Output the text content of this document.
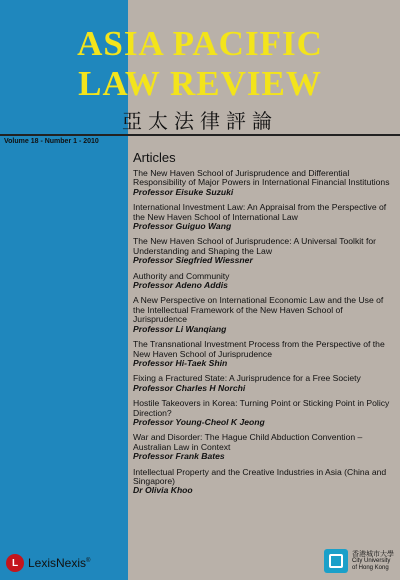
ASIA PACIFIC
LAW REVIEW
亞太法律評論
Volume 18 - Number 1 - 2010
Articles
The New Haven School of Jurisprudence and Differential Responsibility of Major Powers in International Financial Institutions
Professor Eisuke Suzuki
International Investment Law: An Appraisal from the Perspective of the New Haven School of International Law
Professor Guiguo Wang
The New Haven School of Jurisprudence: A Universal Toolkit for Understanding and Shaping the Law
Professor Siegfried Wiessner
Authority and Community
Professor Adeno Addis
A New Perspective on International Economic Law and the Use of the Intellectual Framework of the New Haven School of Jurisprudence
Professor Li Wanqiang
The Transnational Investment Process from the Perspective of the New Haven School of Jurisprudence
Professor Hi-Taek Shin
Fixing a Fractured State: A Jurisprudence for a Free Society
Professor Charles H Norchi
Hostile Takeovers in Korea: Turning Point or Sticking Point in Policy Direction?
Professor Young-Cheol K Jeong
War and Disorder: The Hague Child Abduction Convention – Australian Law in Context
Professor Frank Bates
Intellectual Property and the Creative Industries in Asia (China and Singapore)
Dr Olivia Khoo
L LexisNexis®
香港城市大學
City University
of Hong Kong
